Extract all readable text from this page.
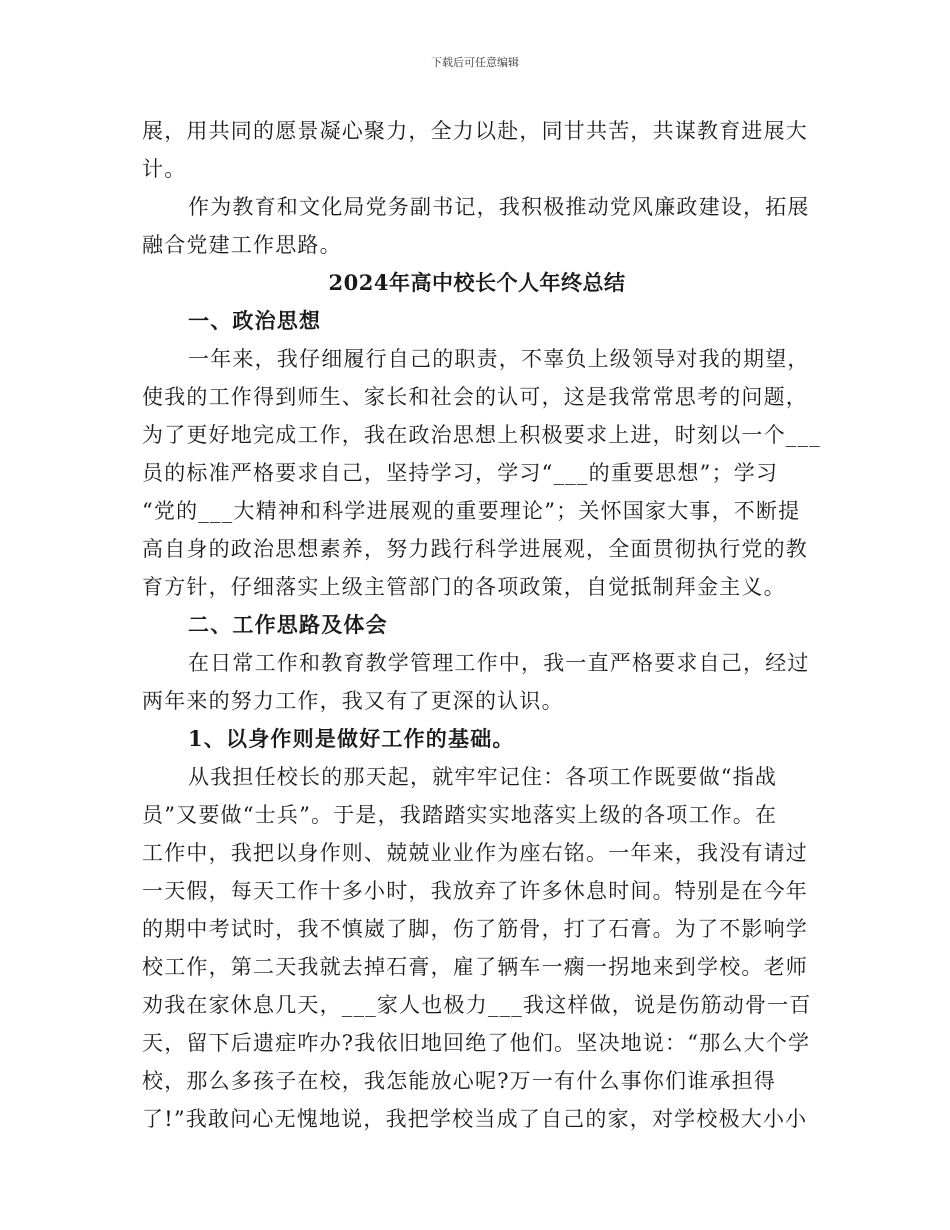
下载后可任意编辑
展，用共同的愿景凝心聚力，全力以赴，同甘共苦，共谋教育进展大
计。
作为教育和文化局党务副书记，我积极推动党风廉政建设，拓展
融合党建工作思路。
2024年高中校长个人年终总结
一、政治思想
一年来，我仔细履行自己的职责，不辜负上级领导对我的期望，
使我的工作得到师生、家长和社会的认可，这是我常常思考的问题，
为了更好地完成工作，我在政治思想上积极要求上进，时刻以一个___
员的标准严格要求自己，坚持学习，学习“___的重要思想”；学习
“党的___大精神和科学进展观的重要理论”；关怀国家大事，不断提
高自身的政治思想素养，努力践行科学进展观，全面贯彻执行党的教
育方针，仔细落实上级主管部门的各项政策，自觉抵制拜金主义。
二、工作思路及体会
在日常工作和教育教学管理工作中，我一直严格要求自己，经过
两年来的努力工作，我又有了更深的认识。
1、以身作则是做好工作的基础。
从我担任校长的那天起，就牢牢记住：各项工作既要做“指战
员”又要做“士兵”。于是，我踏踏实实地落实上级的各项工作。在
工作中，我把以身作则、兢兢业业作为座右铭。一年来，我没有请过
一天假，每天工作十多小时，我放弃了许多休息时间。特别是在今年
的期中考试时，我不慎崴了脚，伤了筋骨，打了石膏。为了不影响学
校工作，第二天我就去掉石膏，雇了辆车一瘸一拐地来到学校。老师
劝我在家休息几天，___家人也极力___我这样做，说是伤筋动骨一百
天，留下后遗症咋办?我依旧地回绝了他们。坚决地说：“那么大个学
校，那么多孩子在校，我怎能放心呢?万一有什么事你们谁承担得
了!”我敢问心无愧地说，我把学校当成了自己的家，对学校极大小小
